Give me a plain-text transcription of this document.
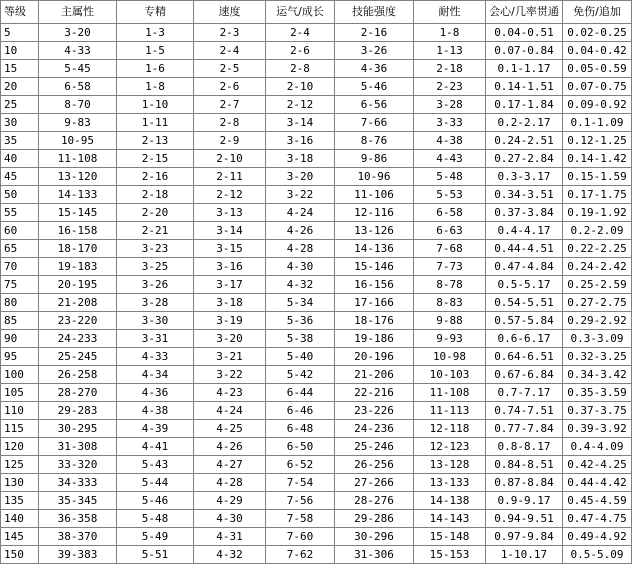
等级	主属性	专精	速度	运气/成长	技能强度	耐性	会心/几率贯通	免伤/追加
5	3-20	1-3	2-3	2-4	2-16	1-8	0.04-0.51	0.02-0.25
10	4-33	1-5	2-4	2-6	3-26	1-13	0.07-0.84	0.04-0.42
15	5-45	1-6	2-5	2-8	4-36	2-18	0.1-1.17	0.05-0.59
20	6-58	1-8	2-6	2-10	5-46	2-23	0.14-1.51	0.07-0.75
25	8-70	1-10	2-7	2-12	6-56	3-28	0.17-1.84	0.09-0.92
30	9-83	1-11	2-8	3-14	7-66	3-33	0.2-2.17	0.1-1.09
35	10-95	2-13	2-9	3-16	8-76	4-38	0.24-2.51	0.12-1.25
40	11-108	2-15	2-10	3-18	9-86	4-43	0.27-2.84	0.14-1.42
45	13-120	2-16	2-11	3-20	10-96	5-48	0.3-3.17	0.15-1.59
50	14-133	2-18	2-12	3-22	11-106	5-53	0.34-3.51	0.17-1.75
55	15-145	2-20	3-13	4-24	12-116	6-58	0.37-3.84	0.19-1.92
60	16-158	2-21	3-14	4-26	13-126	6-63	0.4-4.17	0.2-2.09
65	18-170	3-23	3-15	4-28	14-136	7-68	0.44-4.51	0.22-2.25
70	19-183	3-25	3-16	4-30	15-146	7-73	0.47-4.84	0.24-2.42
75	20-195	3-26	3-17	4-32	16-156	8-78	0.5-5.17	0.25-2.59
80	21-208	3-28	3-18	5-34	17-166	8-83	0.54-5.51	0.27-2.75
85	23-220	3-30	3-19	5-36	18-176	9-88	0.57-5.84	0.29-2.92
90	24-233	3-31	3-20	5-38	19-186	9-93	0.6-6.17	0.3-3.09
95	25-245	4-33	3-21	5-40	20-196	10-98	0.64-6.51	0.32-3.25
100	26-258	4-34	3-22	5-42	21-206	10-103	0.67-6.84	0.34-3.42
105	28-270	4-36	4-23	6-44	22-216	11-108	0.7-7.17	0.35-3.59
110	29-283	4-38	4-24	6-46	23-226	11-113	0.74-7.51	0.37-3.75
115	30-295	4-39	4-25	6-48	24-236	12-118	0.77-7.84	0.39-3.92
120	31-308	4-41	4-26	6-50	25-246	12-123	0.8-8.17	0.4-4.09
125	33-320	5-43	4-27	6-52	26-256	13-128	0.84-8.51	0.42-4.25
130	34-333	5-44	4-28	7-54	27-266	13-133	0.87-8.84	0.44-4.42
135	35-345	5-46	4-29	7-56	28-276	14-138	0.9-9.17	0.45-4.59
140	36-358	5-48	4-30	7-58	29-286	14-143	0.94-9.51	0.47-4.75
145	38-370	5-49	4-31	7-60	30-296	15-148	0.97-9.84	0.49-4.92
150	39-383	5-51	4-32	7-62	31-306	15-153	1-10.17	0.5-5.09
